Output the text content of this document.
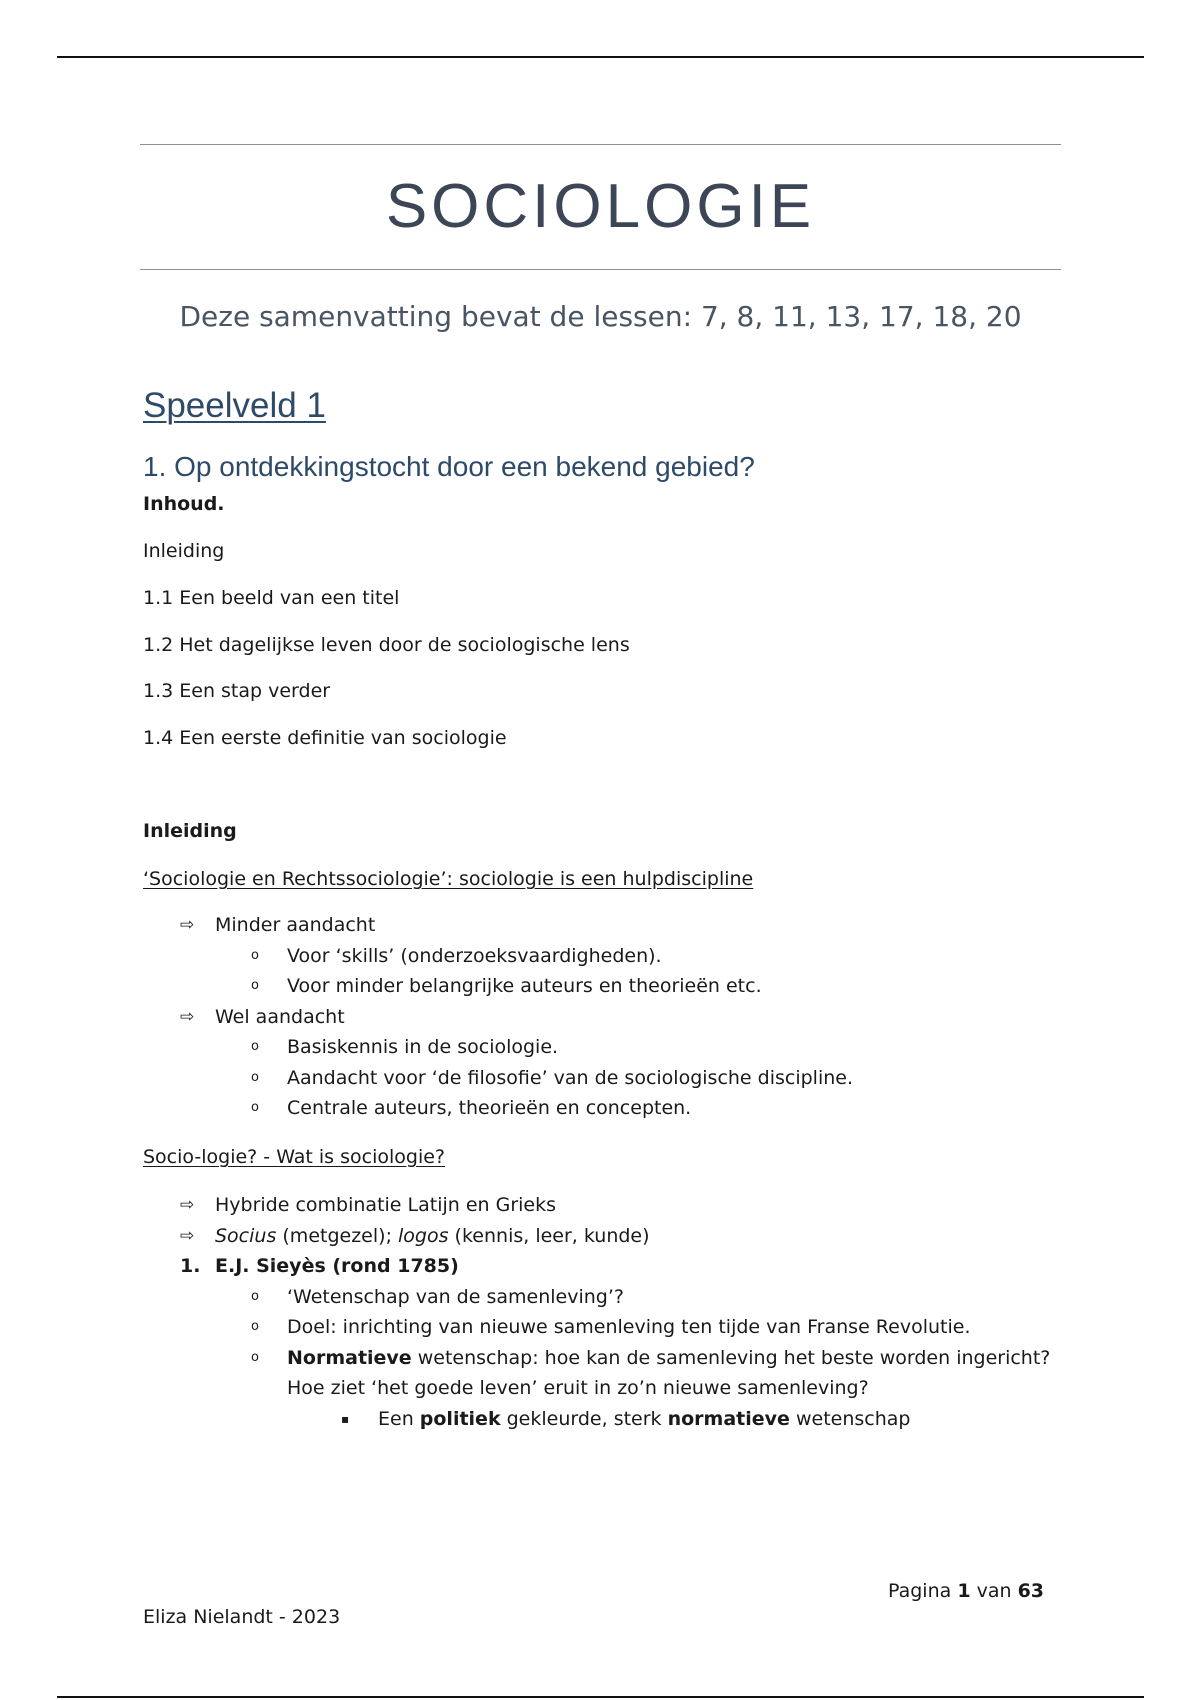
SOCIOLOGIE
Deze samenvatting bevat de lessen: 7, 8, 11, 13, 17, 18, 20
Speelveld 1
1. Op ontdekkingstocht door een bekend gebied?
Inhoud.
Inleiding
1.1 Een beeld van een titel
1.2 Het dagelijkse leven door de sociologische lens
1.3 Een stap verder
1.4 Een eerste definitie van sociologie
Inleiding
‘Sociologie en Rechtssociologie’: sociologie is een hulpdiscipline
⇨ Minder aandacht
o Voor ‘skills’ (onderzoeksvaardigheden).
o Voor minder belangrijke auteurs en theorieën etc.
⇨ Wel aandacht
o Basiskennis in de sociologie.
o Aandacht voor ‘de filosofie’ van de sociologische discipline.
o Centrale auteurs, theorieën en concepten.
Socio-logie? - Wat is sociologie?
⇨ Hybride combinatie Latijn en Grieks
⇨ Socius (metgezel); logos (kennis, leer, kunde)
1. E.J. Sieyès (rond 1785)
o ‘Wetenschap van de samenleving’?
o Doel: inrichting van nieuwe samenleving ten tijde van Franse Revolutie.
o Normatieve wetenschap: hoe kan de samenleving het beste worden ingericht? Hoe ziet ‘het goede leven’ eruit in zo’n nieuwe samenleving?
▪ Een politiek gekleurde, sterk normatieve wetenschap
Pagina 1 van 63
Eliza Nielandt - 2023
